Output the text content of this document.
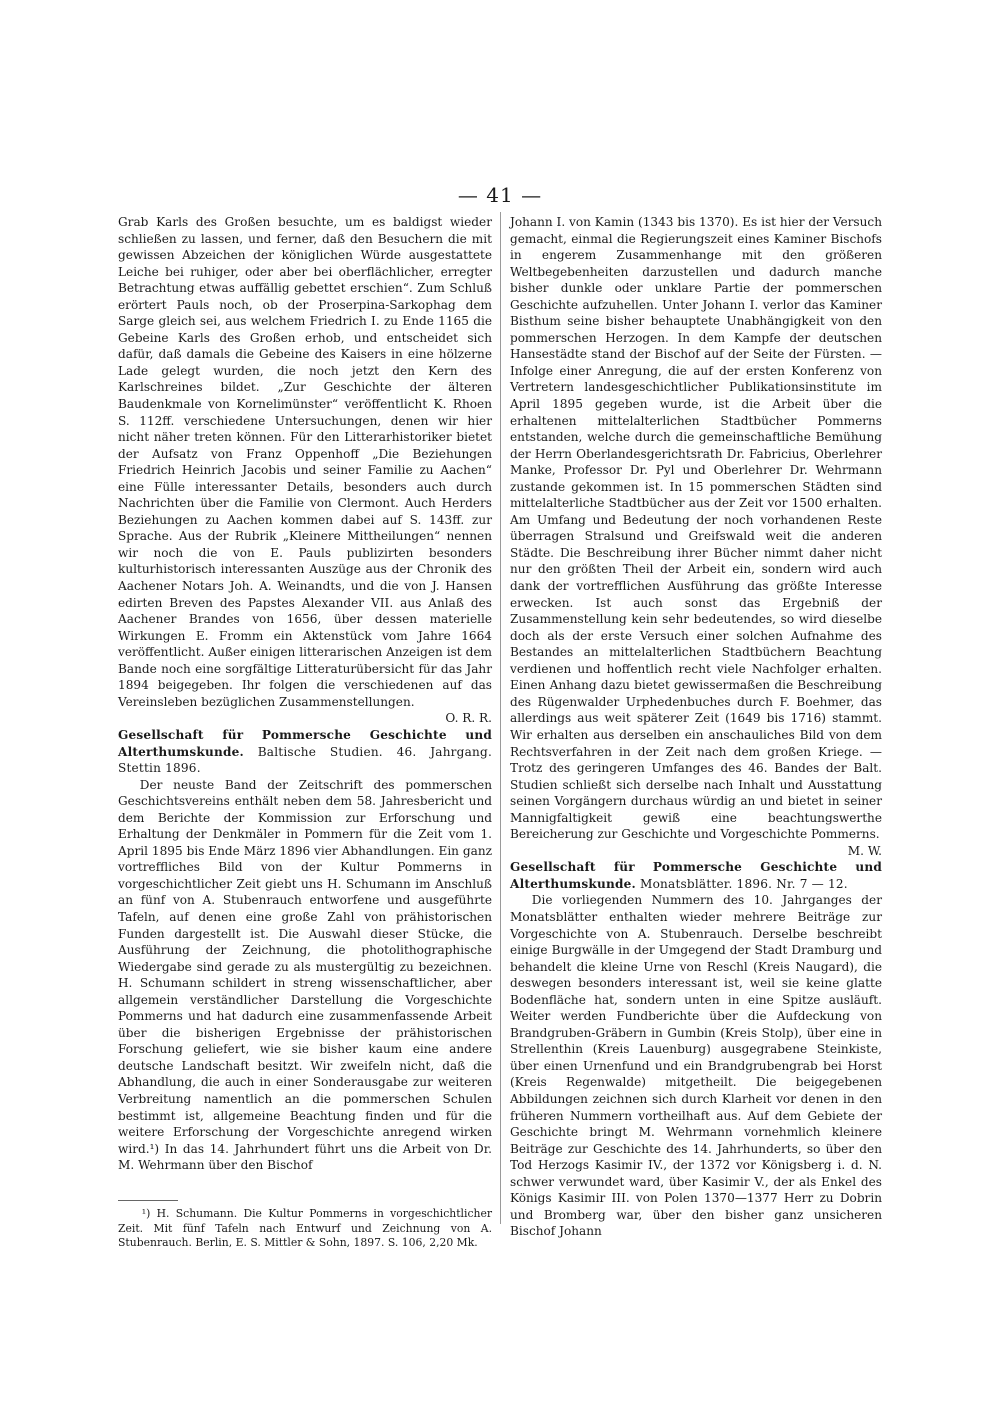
— 41 —

Grab Karls des Großen besuchte, um es baldigst wieder schließen zu lassen, und ferner, daß den Besuchern die mit gewissen Abzeichen der königlichen Würde ausgestattete Leiche bei ruhiger, oder aber bei oberflächlicher, erregter Betrachtung etwas auffällig gebettet erschien“. Zum Schluß erörtert Pauls noch, ob der Proserpina-Sarkophag dem Sarge gleich sei, aus welchem Friedrich I. zu Ende 1165 die Gebeine Karls des Großen erhob, und entscheidet sich dafür, daß damals die Gebeine des Kaisers in eine hölzerne Lade gelegt wurden, die noch jetzt den Kern des Karlschreines bildet. „Zur Geschichte der älteren Baudenkmale von Kornelimünster“ veröffentlicht K. Rhoen S. 112ff. verschiedene Untersuchungen, denen wir hier nicht näher treten können. Für den Litterarhistoriker bietet der Aufsatz von Franz Oppenhoff „Die Beziehungen Friedrich Heinrich Jacobis und seiner Familie zu Aachen“ eine Fülle interessanter Details, besonders auch durch Nachrichten über die Familie von Clermont. Auch Herders Beziehungen zu Aachen kommen dabei auf S. 143ff. zur Sprache. Aus der Rubrik „Kleinere Mittheilungen“ nennen wir noch die von E. Pauls publizirten besonders kulturhistorisch interessanten Auszüge aus der Chronik des Aachener Notars Joh. A. Weinandts, und die von J. Hansen edirten Breven des Papstes Alexander VII. aus Anlaß des Aachener Brandes von 1656, über dessen materielle Wirkungen E. Fromm ein Aktenstück vom Jahre 1664 veröffentlicht. Außer einigen litterarischen Anzeigen ist dem Bande noch eine sorgfältige Litteraturübersicht für das Jahr 1894 beigegeben. Ihr folgen die verschiedenen auf das Vereinsleben bezüglichen Zusammenstellungen.

O. R. R.

Gesellschaft für Pommersche Geschichte und Alterthumskunde. Baltische Studien. 46. Jahrgang. Stettin 1896.

Der neuste Band der Zeitschrift des pommerschen Geschichtsvereins enthält neben dem 58. Jahresbericht und dem Berichte der Kommission zur Erforschung und Erhaltung der Denkmäler in Pommern für die Zeit vom 1. April 1895 bis Ende März 1896 vier Abhandlungen. Ein ganz vortreffliches Bild von der Kultur Pommerns in vorgeschichtlicher Zeit giebt uns H. Schumann im Anschluß an fünf von A. Stubenrauch entworfene und ausgeführte Tafeln, auf denen eine große Zahl von prähistorischen Funden dargestellt ist. Die Auswahl dieser Stücke, die Ausführung der Zeichnung, die photolithographische Wiedergabe sind gerade zu als mustergültig zu bezeichnen. H. Schumann schildert in streng wissenschaftlicher, aber allgemein verständlicher Darstellung die Vorgeschichte Pommerns und hat dadurch eine zusammenfassende Arbeit über die bisherigen Ergebnisse der prähistorischen Forschung geliefert, wie sie bisher kaum eine andere deutsche Landschaft besitzt. Wir zweifeln nicht, daß die Abhandlung, die auch in einer Sonderausgabe zur weiteren Verbreitung namentlich an die pommerschen Schulen bestimmt ist, allgemeine Beachtung finden und für die weitere Erforschung der Vorgeschichte anregend wirken wird.¹) In das 14. Jahrhundert führt uns die Arbeit von Dr. M. Wehrmann über den Bischof

¹) H. Schumann. Die Kultur Pommerns in vorgeschichtlicher Zeit. Mit fünf Tafeln nach Entwurf und Zeichnung von A. Stubenrauch. Berlin, E. S. Mittler & Sohn, 1897. S. 106, 2,20 Mk.

Johann I. von Kamin (1343 bis 1370). Es ist hier der Versuch gemacht, einmal die Regierungszeit eines Kaminer Bischofs in engerem Zusammenhange mit den größeren Weltbegebenheiten darzustellen und dadurch manche bisher dunkle oder unklare Partie der pommerschen Geschichte aufzuhellen. Unter Johann I. verlor das Kaminer Bisthum seine bisher behauptete Unabhängigkeit von den pommerschen Herzogen. In dem Kampfe der deutschen Hansestädte stand der Bischof auf der Seite der Fürsten. — Infolge einer Anregung, die auf der ersten Konferenz von Vertretern landesgeschichtlicher Publikationsinstitute im April 1895 gegeben wurde, ist die Arbeit über die erhaltenen mittelalterlichen Stadtbücher Pommerns entstanden, welche durch die gemeinschaftliche Bemühung der Herrn Oberlandesgerichtsrath Dr. Fabricius, Oberlehrer Manke, Professor Dr. Pyl und Oberlehrer Dr. Wehrmann zustande gekommen ist. In 15 pommerschen Städten sind mittelalterliche Stadtbücher aus der Zeit vor 1500 erhalten. Am Umfang und Bedeutung der noch vorhandenen Reste überragen Stralsund und Greifswald weit die anderen Städte. Die Beschreibung ihrer Bücher nimmt daher nicht nur den größten Theil der Arbeit ein, sondern wird auch dank der vortrefflichen Ausführung das größte Interesse erwecken. Ist auch sonst das Ergebniß der Zusammenstellung kein sehr bedeutendes, so wird dieselbe doch als der erste Versuch einer solchen Aufnahme des Bestandes an mittelalterlichen Stadtbüchern Beachtung verdienen und hoffentlich recht viele Nachfolger erhalten. Einen Anhang dazu bietet gewissermaßen die Beschreibung des Rügenwalder Urphedenbuches durch F. Boehmer, das allerdings aus weit späterer Zeit (1649 bis 1716) stammt. Wir erhalten aus derselben ein anschauliches Bild von dem Rechtsverfahren in der Zeit nach dem großen Kriege. — Trotz des geringeren Umfanges des 46. Bandes der Balt. Studien schließt sich derselbe nach Inhalt und Ausstattung seinen Vorgängern durchaus würdig an und bietet in seiner Mannigfaltigkeit gewiß eine beachtungswerthe Bereicherung zur Geschichte und Vorgeschichte Pommerns.

M. W.

Gesellschaft für Pommersche Geschichte und Alterthumskunde. Monatsblätter. 1896. Nr. 7 — 12.

Die vorliegenden Nummern des 10. Jahrganges der Monatsblätter enthalten wieder mehrere Beiträge zur Vorgeschichte von A. Stubenrauch. Derselbe beschreibt einige Burgwälle in der Umgegend der Stadt Dramburg und behandelt die kleine Urne von Reschl (Kreis Naugard), die deswegen besonders interessant ist, weil sie keine glatte Bodenfläche hat, sondern unten in eine Spitze ausläuft. Weiter werden Fundberichte über die Aufdeckung von Brandgruben-Gräbern in Gumbin (Kreis Stolp), über eine in Strellenthin (Kreis Lauenburg) ausgegrabene Steinkiste, über einen Urnenfund und ein Brandgrubengrab bei Horst (Kreis Regenwalde) mitgetheilt. Die beigegebenen Abbildungen zeichnen sich durch Klarheit vor denen in den früheren Nummern vortheilhaft aus. Auf dem Gebiete der Geschichte bringt M. Wehrmann vornehmlich kleinere Beiträge zur Geschichte des 14. Jahrhunderts, so über den Tod Herzogs Kasimir IV., der 1372 vor Königsberg i. d. N. schwer verwundet ward, über Kasimir V., der als Enkel des Königs Kasimir III. von Polen 1370—1377 Herr zu Dobrin und Bromberg war, über den bisher ganz unsicheren Bischof Johann
